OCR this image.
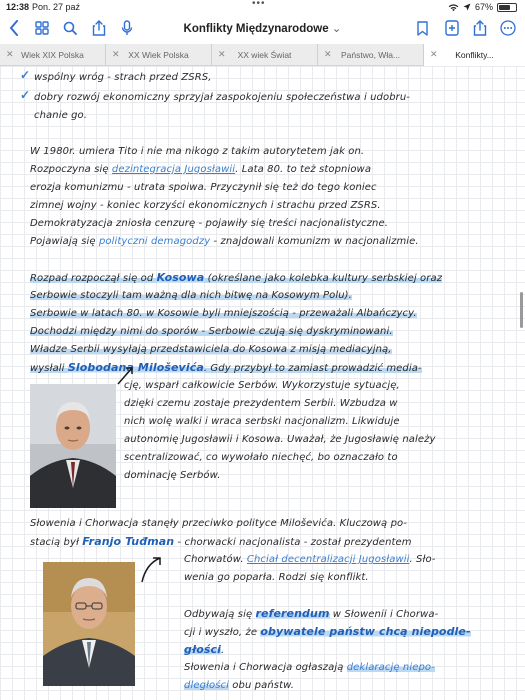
12:38 Pon. 27 paź	•••	67%
Konflikty Międzynarodowe ⌄
✕ Wiek XIX Polska	✕ XX Wiek Polska	✕ XX wiek Świat	✕ Państwo, Wła...	✕ Konflikty...
✓ wspólny wróg - strach przed ZSRS,
✓ dobry rozwój ekonomiczny sprzyjał zaspokojeniu społeczeństwa i udobru-
chanie go.
W 1980r. umiera Tito i nie ma nikogo z takim autorytetem jak on.
Rozpoczyna się dezintegracja Jugosławii. Lata 80. to też stopniowa
erozja komunizmu - utrata spoiwa. Przyczynił się też do tego koniec
zimnej wojny - koniec korzyści ekonomicznych i strachu przed ZSRS.
Demokratyzacja zniosła cenzurę - pojawiły się treści nacjonalistyczne.
Pojawiają się polityczni demagodzy - znajdowali komunizm w nacjonalizmie.
Rozpad rozpoczął się od Kosowa (określane jako kolebka kultury serbskiej oraz
Serbowie stoczyli tam ważną dla nich bitwę na Kosowym Polu).
Serbowie w latach 80. w Kosowie byli mniejszością - przeważali Albańczycy.
Dochodzi między nimi do sporów - Serbowie czują się dyskryminowani.
Władze Serbii wysyłają przedstawiciela do Kosowa z misją mediacyjną,
wysłali Slobodana Miloševića. Gdy przybył to zamiast prowadzić media-
cję, wsparł całkowicie Serbów. Wykorzystuje sytuację,
dzięki czemu zostaje prezydentem Serbii. Wzbudza w
nich wolę walki i wraca serbski nacjonalizm. Likwiduje
autonomię Jugosławii i Kosowa. Uważał, że Jugosławię należy
scentralizować, co wywołało niechęć, bo oznaczało to
dominację Serbów.
Słowenia i Chorwacja stanęły przeciwko polityce Miloševića. Kluczową po-
stacią był Franjo Tuđman - chorwacki nacjonalista - został prezydentem
Chorwatów. Chciał decentralizacji Jugosławii. Sło-
wenia go poparła. Rodzi się konflikt.
Odbywają się referendum w Słowenii i Chorwa-
cji i wyszło, że obywatele państw chcą niepodle-
głości.
Słowenia i Chorwacja ogłaszają deklarację niepo-
dległości obu państw.
